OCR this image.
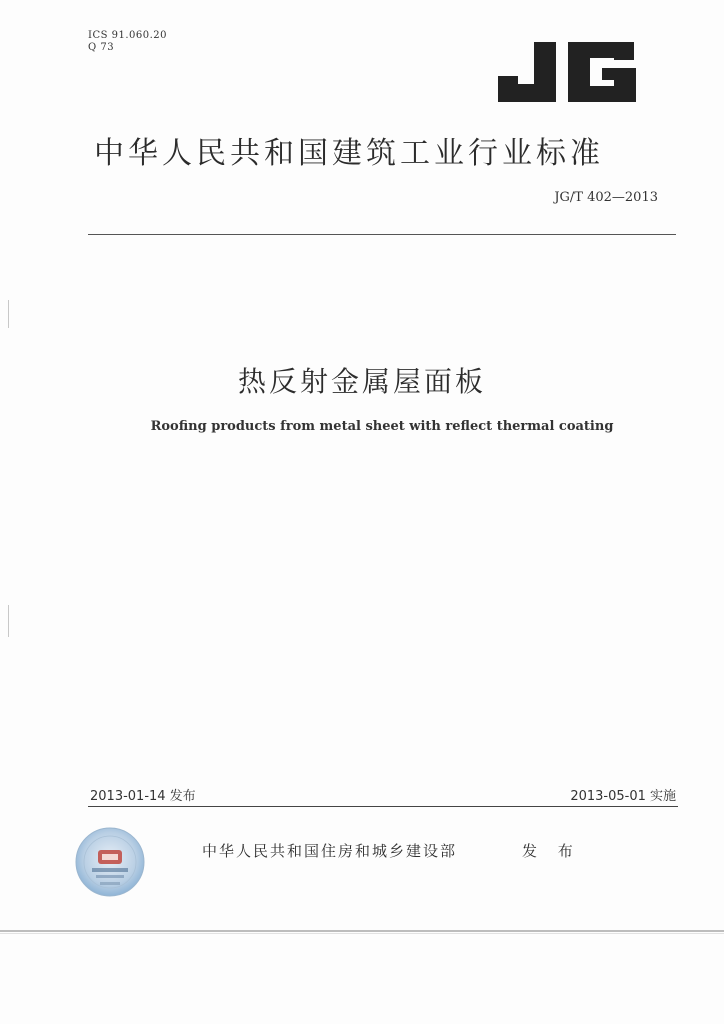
ICS 91.060.20
Q 73
中华人民共和国建筑工业行业标准
JG/T 402—2013
热反射金属屋面板
Roofing products from metal sheet with reflect thermal coating
2013-01-14 发布	2013-05-01 实施
中华人民共和国住房和城乡建设部	发 布
